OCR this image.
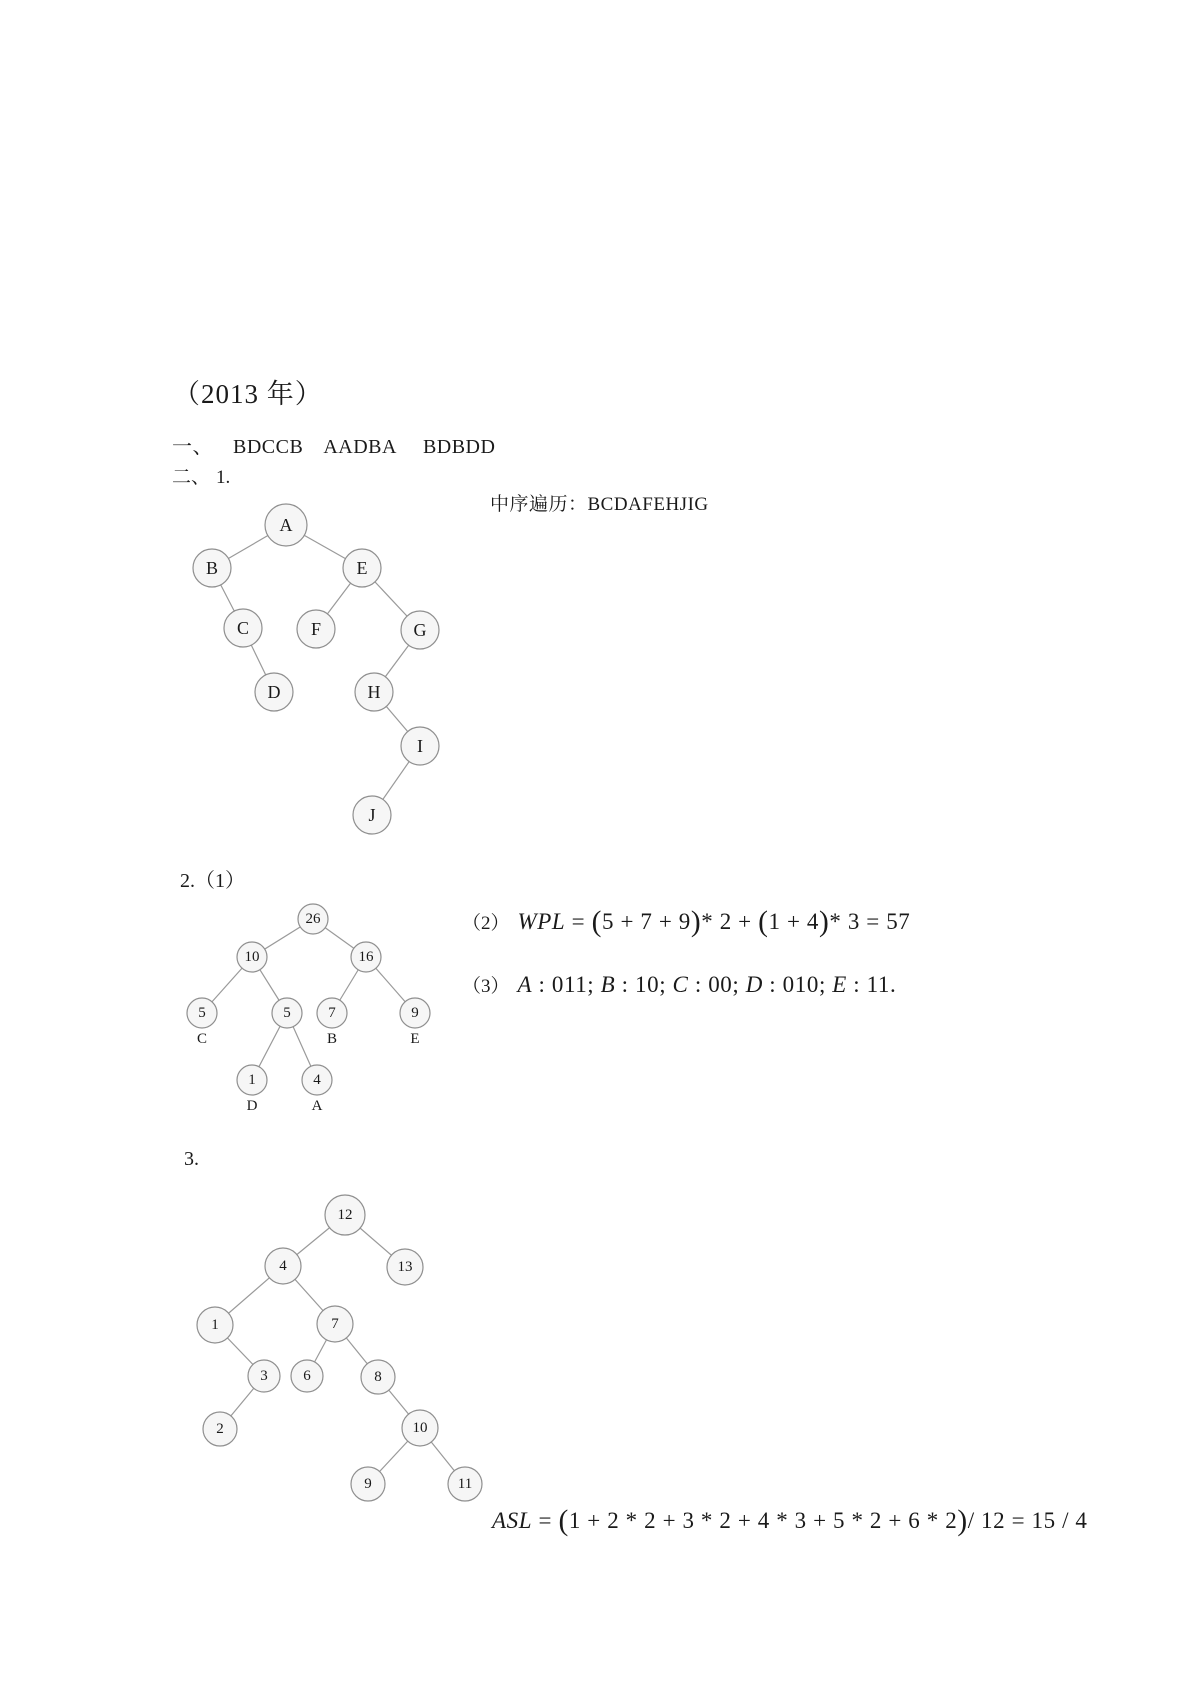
（2013 年）
一、 BDCCB AADBA BDBDD
二、 1.
中序遍历：BCDAFEHJIG
A
B	E
C	F	G
D	H
I
J
2.（1）
26
10	16
5
C
5	7
B
9
E
1
D
4
A
（2） WPL = (5 + 7 + 9)* 2 + (1 + 4)* 3 = 57
（3） A : 011; B : 10; C : 00; D : 010; E : 11.
3.
12
4	13
1	7
3 6	8
2	10
9	11
ASL = (1 + 2 * 2 + 3 * 2 + 4 * 3 + 5 * 2 + 6 * 2)/ 12 = 15 / 4
